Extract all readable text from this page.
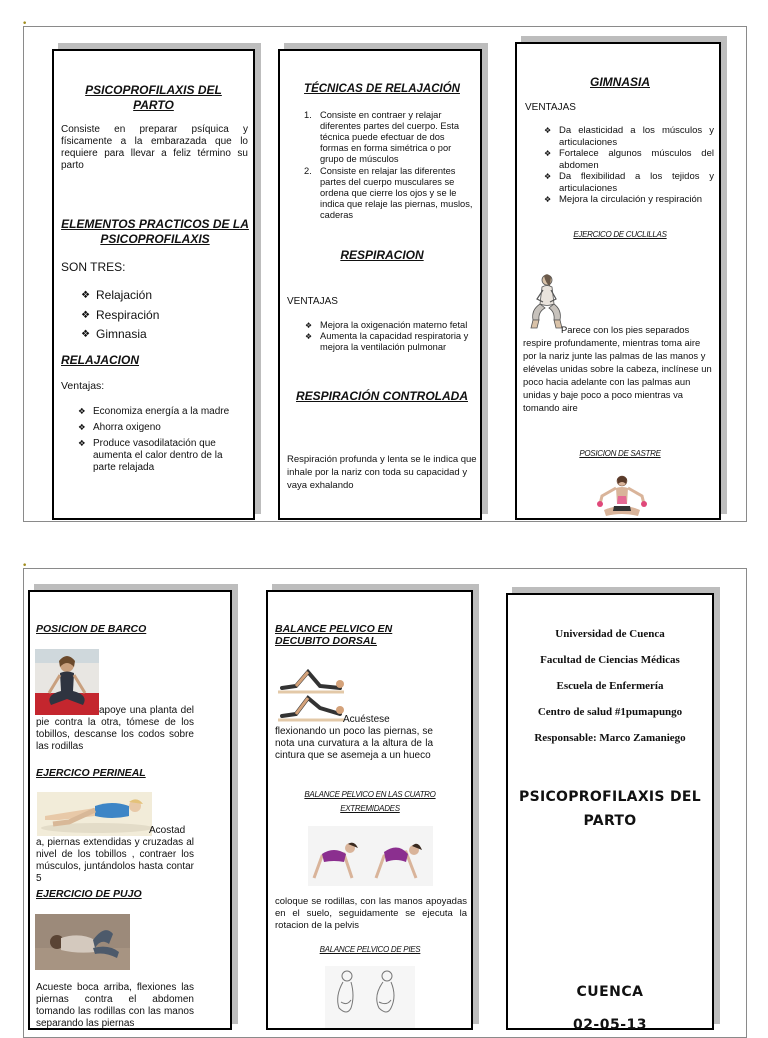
•
PSICOPROFILAXIS DEL PARTO
Consiste en preparar psíquica y físicamente a la embarazada que lo requiere para llevar a feliz término su parto
ELEMENTOS PRACTICOS DE LA PSICOPROFILAXIS
SON TRES:
❖ Relajación
❖ Respiración
❖ Gimnasia
RELAJACION
Ventajas:
❖ Economiza energía a la madre
❖ Ahorra oxigeno
❖ Produce vasodilatación que aumenta el calor dentro de la parte relajada
TÉCNICAS DE RELAJACIÓN
1. Consiste en contraer y relajar diferentes partes del cuerpo. Esta técnica puede efectuar de dos formas en forma simétrica o por grupo de músculos
2. Consiste en relajar las diferentes partes del cuerpo musculares se ordena que cierre los ojos y se le indica que relaje las piernas, muslos, caderas
RESPIRACION
VENTAJAS
❖ Mejora la oxigenación materno fetal
❖ Aumenta la capacidad respiratoria y mejora la ventilación pulmonar
RESPIRACIÓN CONTROLADA
Respiración profunda y lenta se le indica que inhale por la nariz con toda su capacidad y vaya exhalando
GIMNASIA
VENTAJAS
❖ Da elasticidad a los músculos y articulaciones
❖ Fortalece algunos músculos del abdomen
❖ Da flexibilidad a los tejidos y articulaciones
❖ Mejora la circulación y respiración
EJERCICO DE CUCLILLAS
Parece con los pies separados respire profundamente, mientras toma aire por la nariz junte las palmas de las manos y elévelas unidas sobre la cabeza, inclínese un poco hacia adelante con las palmas aun unidas y baje poco a poco mientras va tomando aire
POSICION DE SASTRE
•
POSICION DE BARCO
apoye una planta del pie contra la otra, tómese de los tobillos, descanse los codos sobre las rodillas
EJERCICO PERINEAL
Acostad a, piernas extendidas y cruzadas al nivel de los tobillos , contraer los músculos, juntándolos hasta contar 5
EJERCICIO DE PUJO
Acueste boca arriba, flexiones las piernas contra el abdomen tomando las rodillas con las manos separando las piernas
BALANCE PELVICO EN DECUBITO DORSAL
Acuéstese flexionando un poco las piernas, se nota una curvatura a la altura de la cintura que se asemeja a un hueco
BALANCE PELVICO EN LAS CUATRO EXTREMIDADES
coloque se rodillas, con las manos apoyadas en el suelo, seguidamente se ejecuta la rotacion de la pelvis
BALANCE PELVICO DE PIES
Universidad de Cuenca
Facultad de Ciencias Médicas
Escuela de Enfermería
Centro de salud #1pumapungo
Responsable: Marco Zamaniego
PSICOPROFILAXIS DEL PARTO
CUENCA
02-05-13
